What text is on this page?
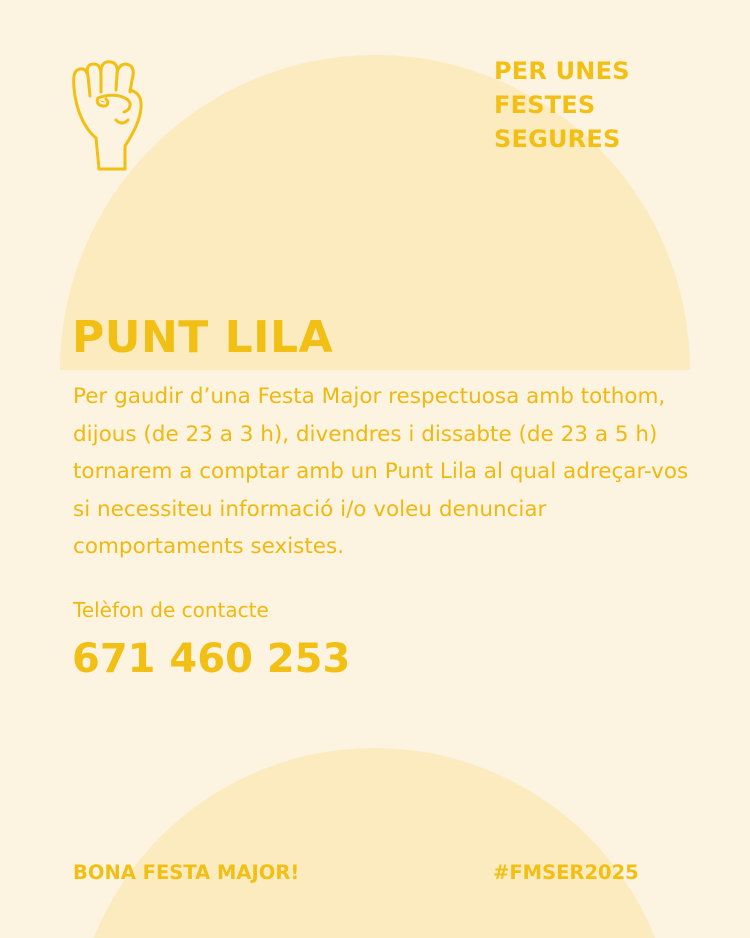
PER UNES
FESTES
SEGURES
PUNT LILA

Per gaudir d’una Festa Major respectuosa amb tothom, dijous (de 23 a 3 h), divendres i dissabte (de 23 a 5 h) tornarem a comptar amb un Punt Lila al qual adreçar-vos si necessiteu informació i/o voleu denunciar comportaments sexistes.

Telèfon de contacte

671 460 253

BONA FESTA MAJOR!	#FMSER2025
